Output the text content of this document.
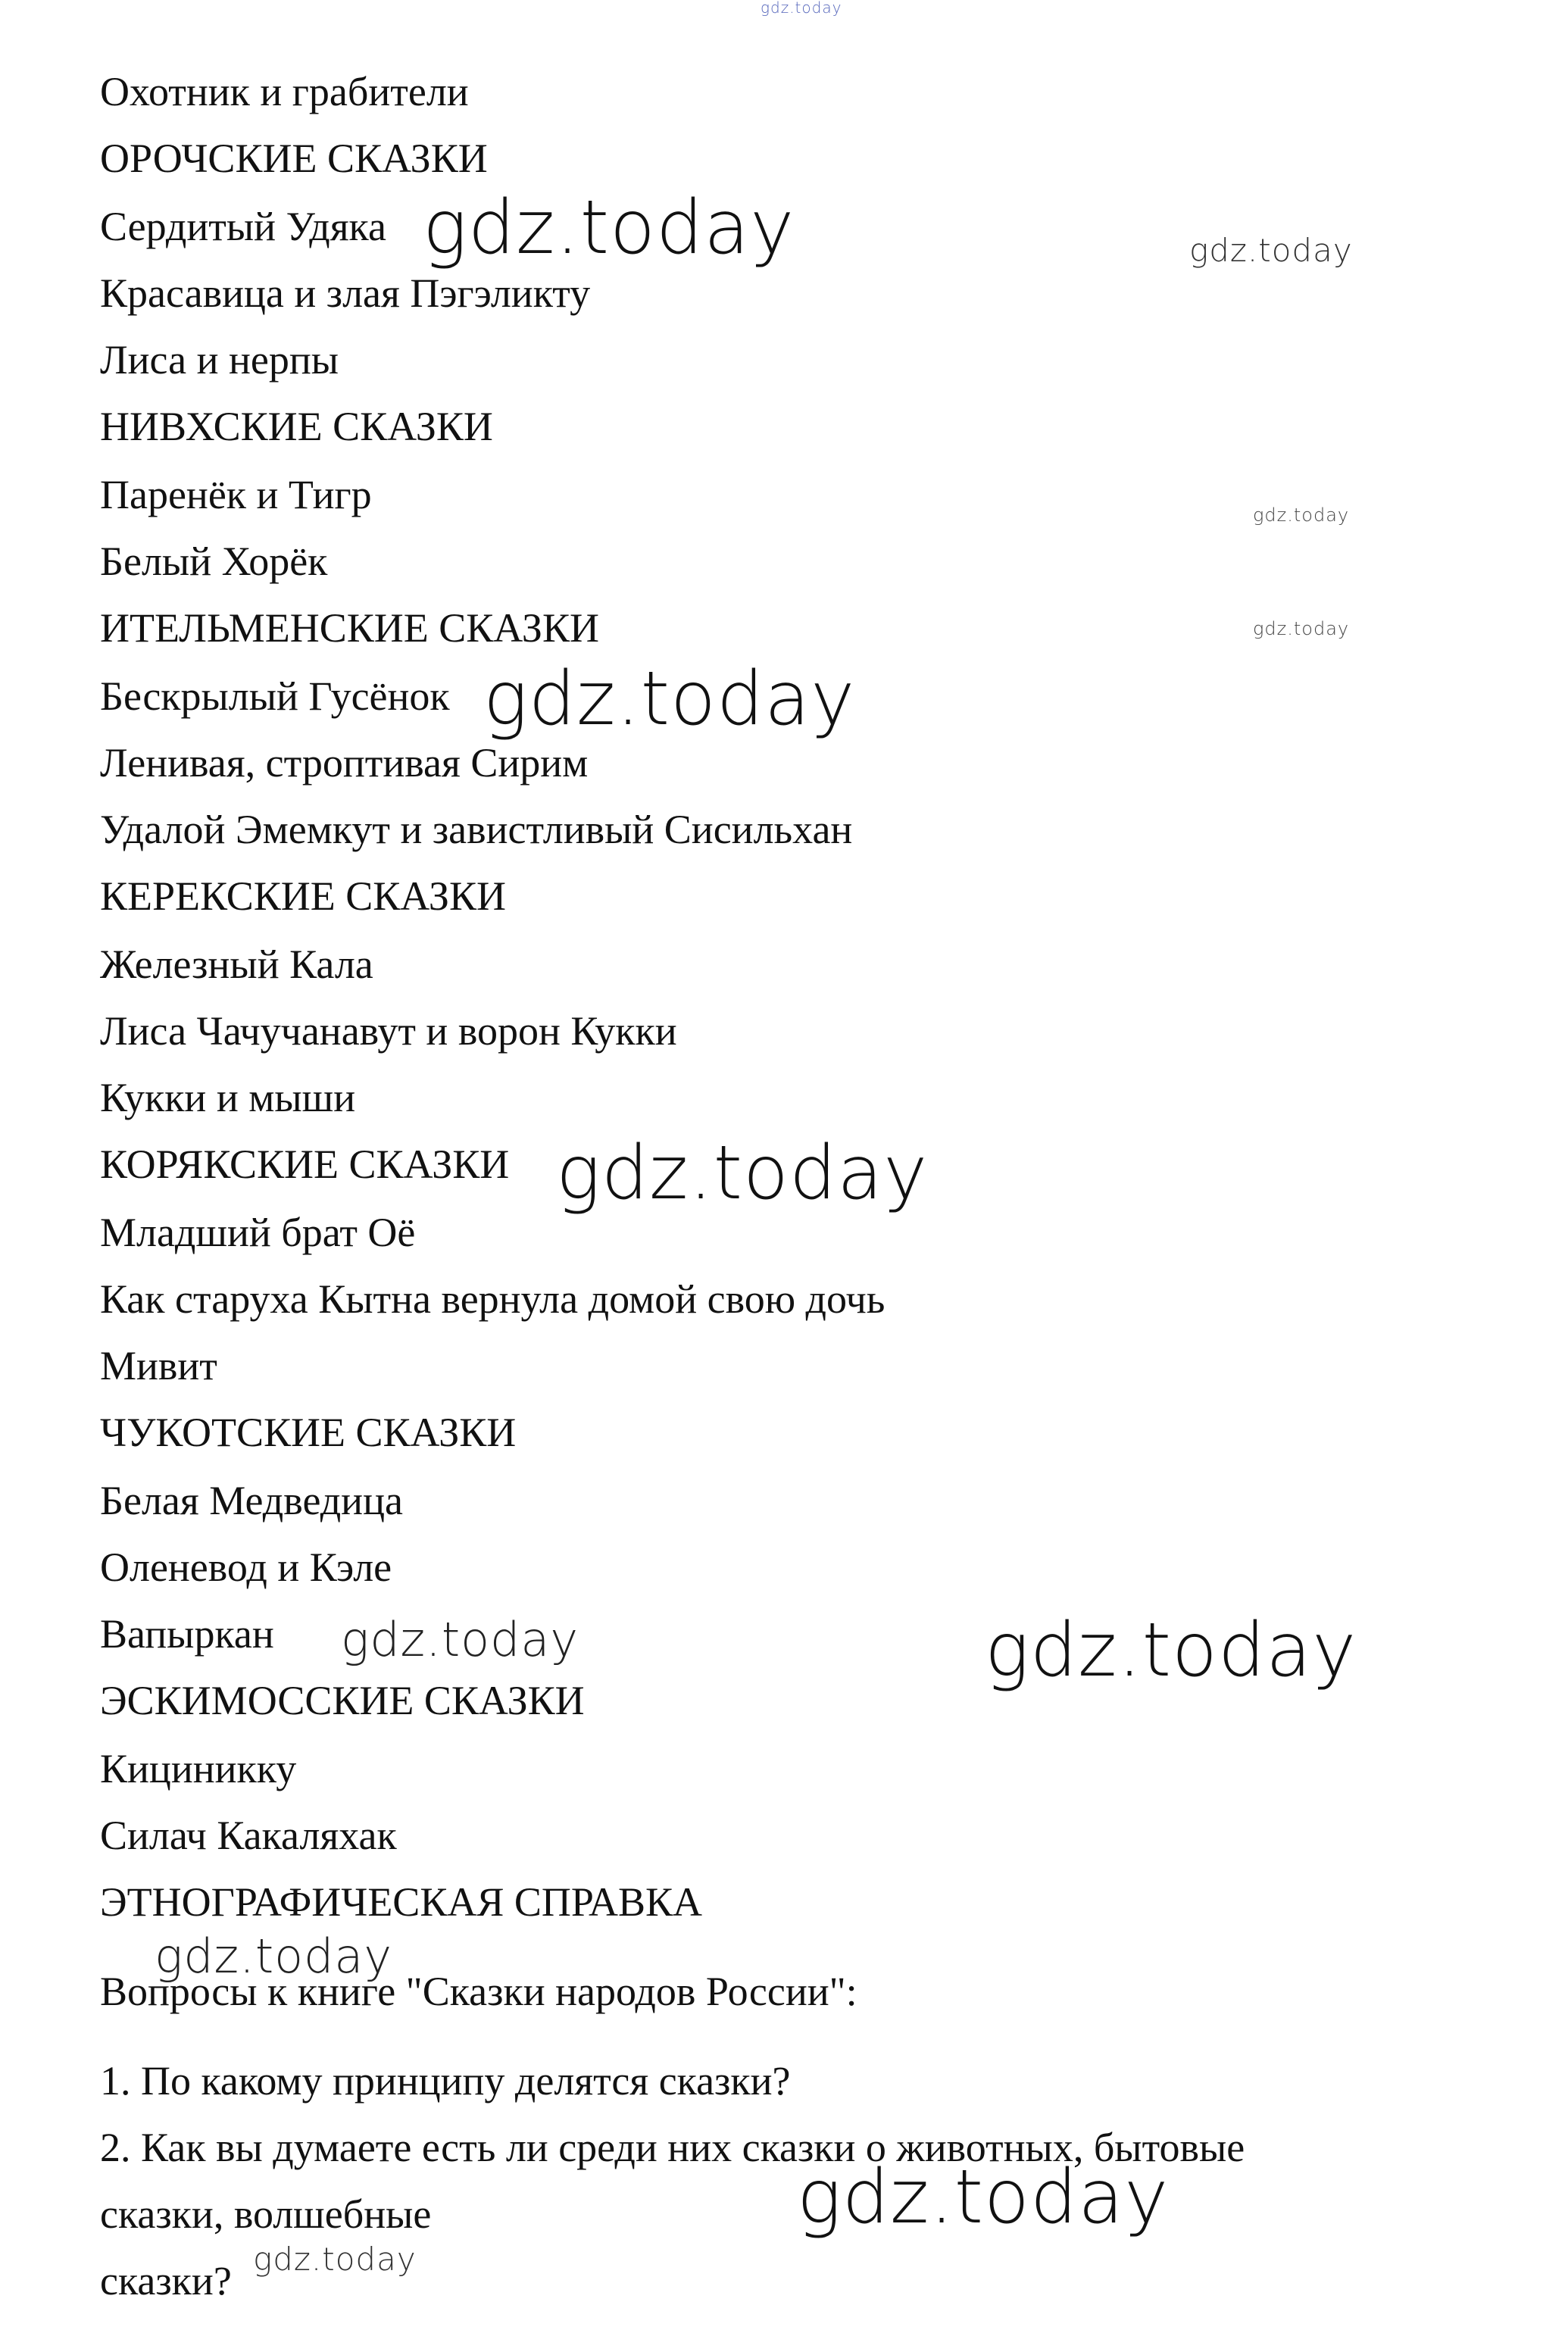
Охотник и грабители
ОРОЧСКИЕ СКАЗКИ
Сердитый Удяка
Красавица и злая Пэгэликту
Лиса и нерпы
НИВХСКИЕ СКАЗКИ
Паренёк и Тигр
Белый Хорёк
ИТЕЛЬМЕНСКИЕ СКАЗКИ
Бескрылый Гусёнок
Ленивая, строптивая Сирим
Удалой Эмемкут и завистливый Сисильхан
КЕРЕКСКИЕ СКАЗКИ
Железный Кала
Лиса Чачучанавут и ворон Кукки
Кукки и мыши
КОРЯКСКИЕ СКАЗКИ
Младший брат Оё
Как старуха Кытна вернула домой свою дочь
Мивит
ЧУКОТСКИЕ СКАЗКИ
Белая Медведица
Оленевод и Кэле
Вапыркан
ЭСКИМОССКИЕ СКАЗКИ
Кициникку
Силач Какаляхак
ЭТНОГРАФИЧЕСКАЯ СПРАВКА
Вопросы к книге "Сказки народов России":
1. По какому принципу делятся сказки?
2. Как вы думаете есть ли среди них сказки о животных, бытовые
сказки, волшебные
сказки?
gdz.today
gdz.today	gdz.today
gdz.today
gdz.today
gdz.today
gdz.today
gdz.today	gdz.today
gdz.today
gdz.today
gdz.today
